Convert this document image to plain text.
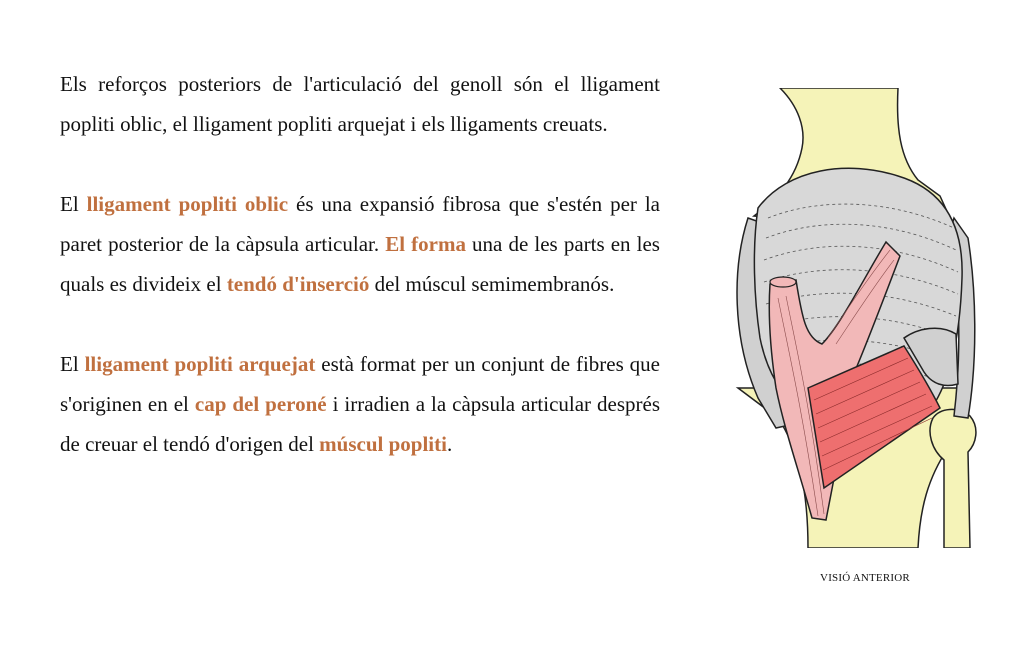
Els reforços posteriors de l'articulació del genoll són el lligament popliti oblic, el lligament popliti arquejat i els lligaments creuats.

El lligament popliti oblic és una expansió fibrosa que s'estén per la paret posterior de la càpsula articular. El forma una de les parts en les quals es divideix el tendó d'inserció del múscul semimembranós.

El lligament popliti arquejat està format per un conjunt de fibres que s'originen en el cap del peroné i irradien a la càpsula articular després de creuar el tendó d'origen del múscul popliti.

VISIÓ ANTERIOR
